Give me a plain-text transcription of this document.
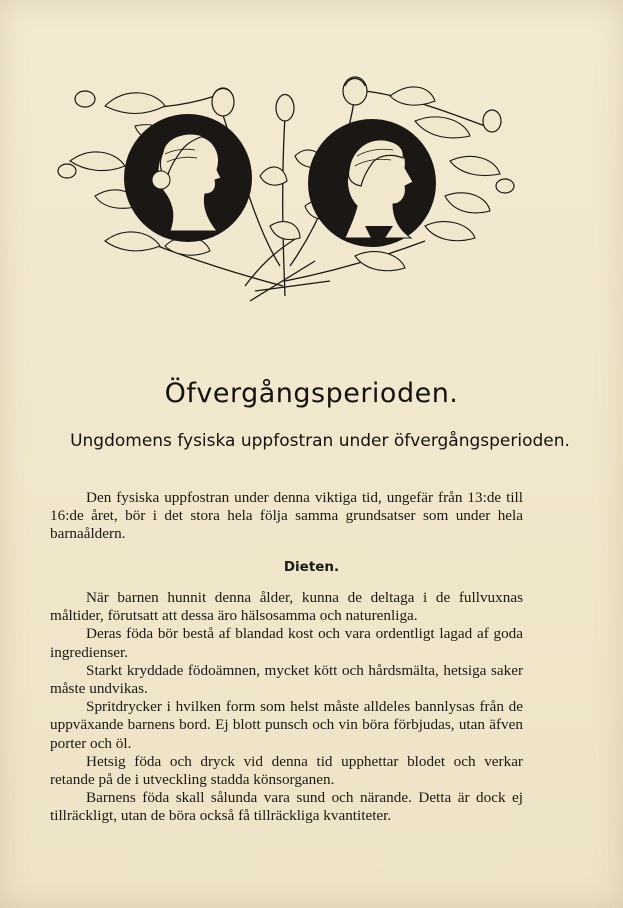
Öfvergångsperioden.
Ungdomens fysiska uppfostran under öfvergångsperioden.

Den fysiska uppfostran under denna viktiga tid, ungefär från 13:de till 16:de året, bör i det stora hela följa samma grundsatser som under hela barnaåldern.

Dieten.

När barnen hunnit denna ålder, kunna de deltaga i de fullvuxnas måltider, förutsatt att dessa äro hälsosamma och naturenliga.

Deras föda bör bestå af blandad kost och vara ordentligt lagad af goda ingredienser.

Starkt kryddade födoämnen, mycket kött och hårdsmälta, hetsiga saker måste undvikas.

Spritdrycker i hvilken form som helst måste alldeles bannlysas från de uppväxande barnens bord. Ej blott punsch och vin böra förbjudas, utan äfven porter och öl.

Hetsig föda och dryck vid denna tid upphettar blodet och verkar retande på de i utveckling stadda könsorganen.

Barnens föda skall sålunda vara sund och närande. Detta är dock ej tillräckligt, utan de böra också få tillräckliga kvantiteter.
